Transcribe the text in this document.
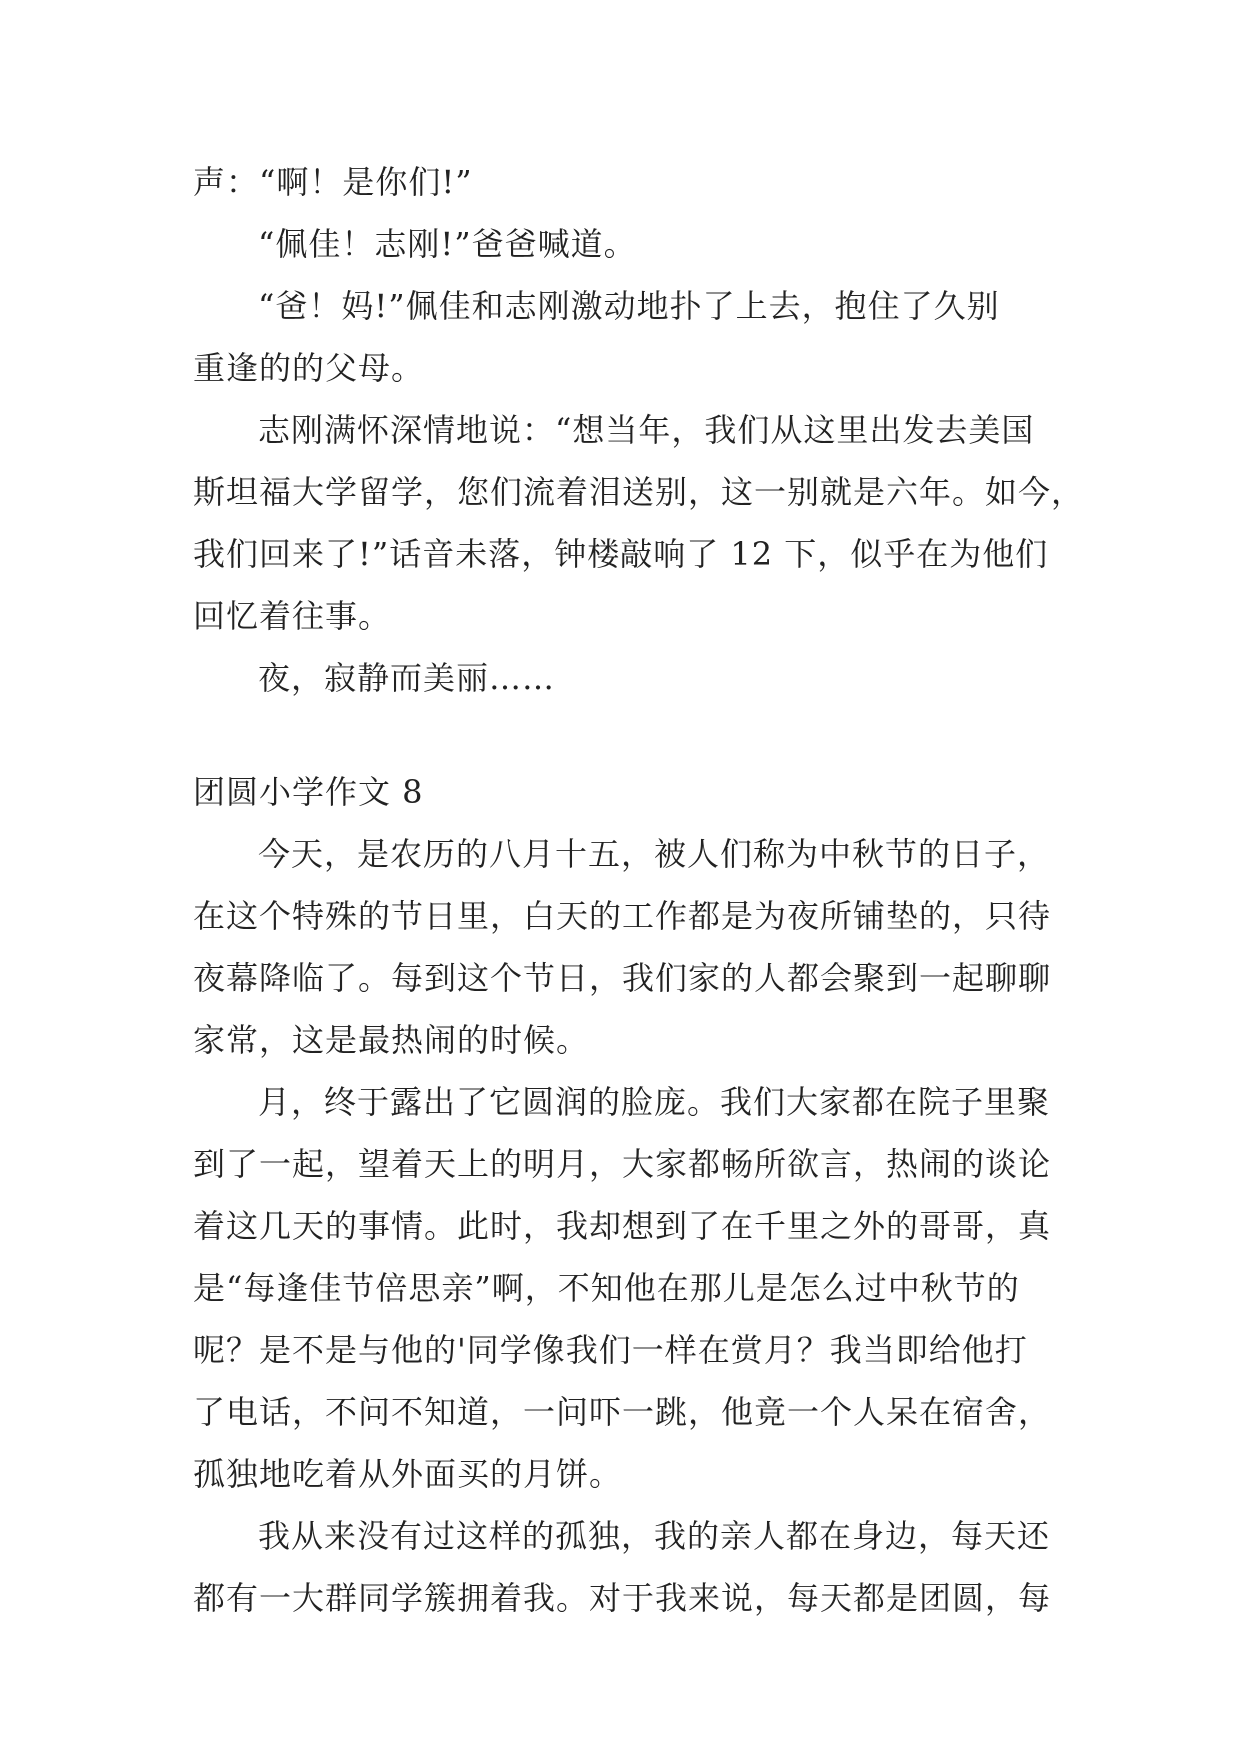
声：“啊！是你们!”
“佩佳！志刚!”爸爸喊道。
“爸！妈!”佩佳和志刚激动地扑了上去，抱住了久别
重逢的的父母。
志刚满怀深情地说：“想当年，我们从这里出发去美国
斯坦福大学留学，您们流着泪送别，这一别就是六年。如今，
我们回来了!”话音未落，钟楼敲响了 12 下，似乎在为他们
回忆着往事。
夜，寂静而美丽……
团圆小学作文 8
今天，是农历的八月十五，被人们称为中秋节的日子，
在这个特殊的节日里，白天的工作都是为夜所铺垫的，只待
夜幕降临了。每到这个节日，我们家的人都会聚到一起聊聊
家常，这是最热闹的时候。
月，终于露出了它圆润的脸庞。我们大家都在院子里聚
到了一起，望着天上的明月，大家都畅所欲言，热闹的谈论
着这几天的事情。此时，我却想到了在千里之外的哥哥，真
是“每逢佳节倍思亲”啊，不知他在那儿是怎么过中秋节的
呢？是不是与他的'同学像我们一样在赏月？我当即给他打
了电话，不问不知道，一问吓一跳，他竟一个人呆在宿舍，
孤独地吃着从外面买的月饼。
我从来没有过这样的孤独，我的亲人都在身边，每天还
都有一大群同学簇拥着我。对于我来说，每天都是团圆，每
